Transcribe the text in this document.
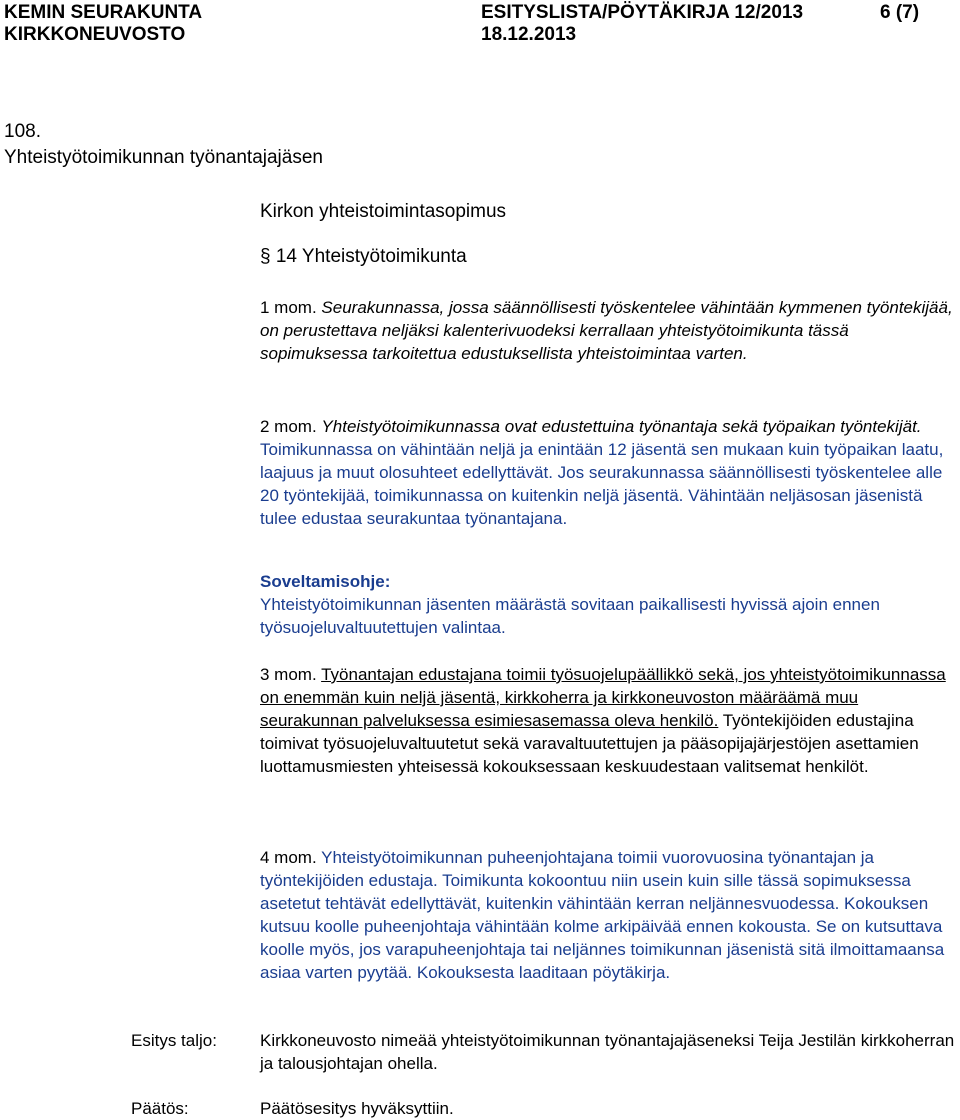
KEMIN SEURAKUNTA
KIRKKONEUVOSTO
ESITYSLISTA/PÖYTÄKIRJA 12/2013
18.12.2013
6 (7)
108.
Yhteistyötoimikunnan työnantajajäsen
Kirkon yhteistoimintasopimus
§ 14 Yhteistyötoimikunta

1 mom. Seurakunnassa, jossa säännöllisesti työskentelee vähintään kymmenen työntekijää, on perustettava neljäksi kalenterivuodeksi kerrallaan yhteistyötoimikunta tässä sopimuksessa tarkoitettua edustuksellista yhteistoimintaa varten.

2 mom. Yhteistyötoimikunnassa ovat edustettuina työnantaja sekä työpaikan työntekijät. Toimikunnassa on vähintään neljä ja enintään 12 jäsentä sen mukaan kuin työpaikan laatu, laajuus ja muut olosuhteet edellyttävät. Jos seurakunnassa säännöllisesti työskentelee alle 20 työntekijää, toimikunnassa on kuitenkin neljä jäsentä. Vähintään neljäsosan jäsenistä tulee edustaa seurakuntaa työnantajana.

Soveltamisohje:

Yhteistyötoimikunnan jäsenten määrästä sovitaan paikallisesti hyvissä ajoin ennen työsuojeluvaltuutettujen valintaa.

3 mom. Työnantajan edustajana toimii työsuojelupäällikkö sekä, jos yhteistyötoimikunnassa on enemmän kuin neljä jäsentä, kirkkoherra ja kirkkoneuvoston määräämä muu seurakunnan palveluksessa esimiesasemassa oleva henkilö. Työntekijöiden edustajina toimivat työsuojeluvaltuutetut sekä varavaltuutettujen ja pääsopijajärjestöjen asettamien luottamusmiesten yhteisessä kokouksessaan keskuudestaan valitsemat henkilöt.

4 mom. Yhteistyötoimikunnan puheenjohtajana toimii vuorovuosina työnantajan ja työntekijöiden edustaja. Toimikunta kokoontuu niin usein kuin sille tässä sopimuksessa asetetut tehtävät edellyttävät, kuitenkin vähintään kerran neljännesvuodessa. Kokouksen kutsuu koolle puheenjohtaja vähintään kolme arkipäivää ennen kokousta. Se on kutsuttava koolle myös, jos varapuheenjohtaja tai neljännes toimikunnan jäsenistä sitä ilmoittamaansa asiaa varten pyytää. Kokouksesta laaditaan pöytäkirja.

Esitys taljo:	Kirkkoneuvosto nimeää yhteistyötoimikunnan työnantajajäseneksi Teija Jestilän kirkkoherran ja talousjohtajan ohella.
Päätös:	Päätösesitys hyväksyttiin.
